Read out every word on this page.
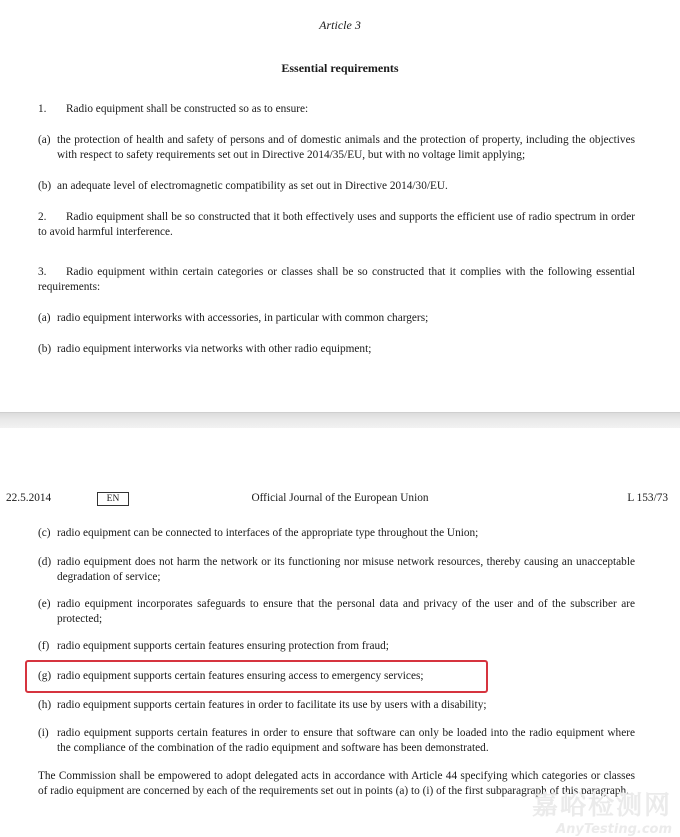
Article 3
Essential requirements
1. Radio equipment shall be constructed so as to ensure:
(a) the protection of health and safety of persons and of domestic animals and the protection of property, including the objectives with respect to safety requirements set out in Directive 2014/35/EU, but with no voltage limit applying;
(b) an adequate level of electromagnetic compatibility as set out in Directive 2014/30/EU.
2. Radio equipment shall be so constructed that it both effectively uses and supports the efficient use of radio spectrum in order to avoid harmful interference.
3. Radio equipment within certain categories or classes shall be so constructed that it complies with the following essential requirements:
(a) radio equipment interworks with accessories, in particular with common chargers;
(b) radio equipment interworks via networks with other radio equipment;
Official Journal of the European Union
22.5.2014	EN	L 153/73
(c) radio equipment can be connected to interfaces of the appropriate type throughout the Union;
(d) radio equipment does not harm the network or its functioning nor misuse network resources, thereby causing an unacceptable degradation of service;
(e) radio equipment incorporates safeguards to ensure that the personal data and privacy of the user and of the subscriber are protected;
(f) radio equipment supports certain features ensuring protection from fraud;
(g) radio equipment supports certain features ensuring access to emergency services;
(h) radio equipment supports certain features in order to facilitate its use by users with a disability;
(i) radio equipment supports certain features in order to ensure that software can only be loaded into the radio equipment where the compliance of the combination of the radio equipment and software has been demonstrated.
The Commission shall be empowered to adopt delegated acts in accordance with Article 44 specifying which categories or classes of radio equipment are concerned by each of the requirements set out in points (a) to (i) of the first subparagraph of this paragraph.
嘉峪检测网
AnyTesting.com
